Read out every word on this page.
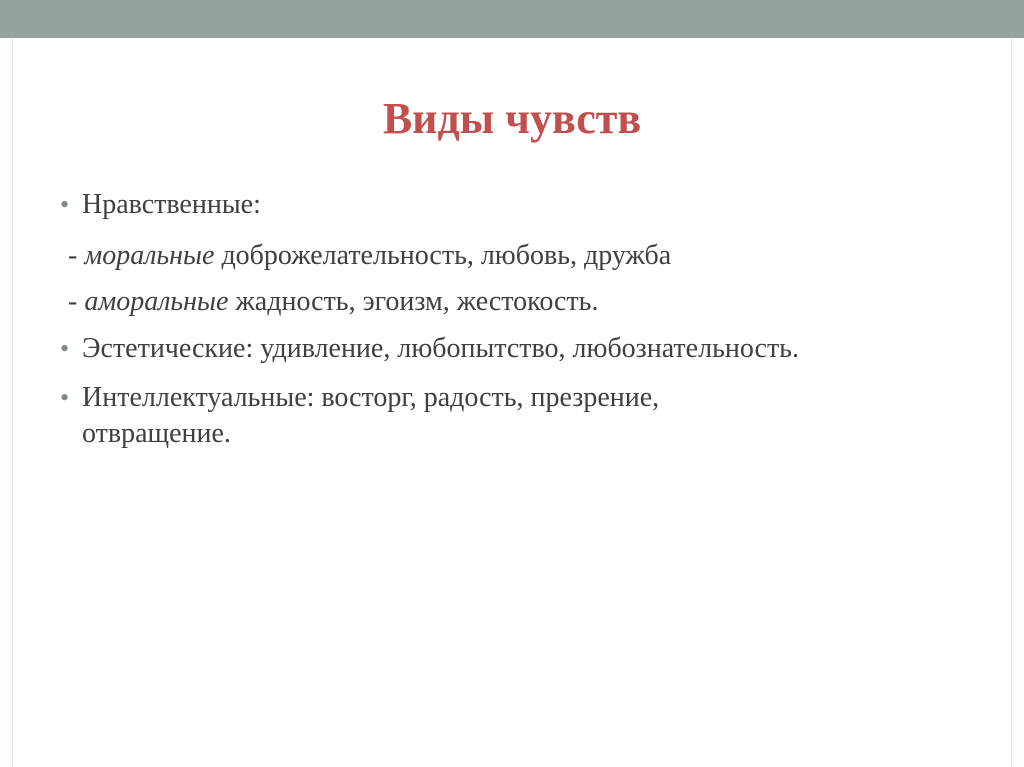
Виды чувств
• Нравственные:
- моральные доброжелательность, любовь, дружба
- аморальные жадность, эгоизм, жестокость.
• Эстетические: удивление, любопытство, любознательность.
• Интеллектуальные: восторг, радость, презрение,
отвращение.
